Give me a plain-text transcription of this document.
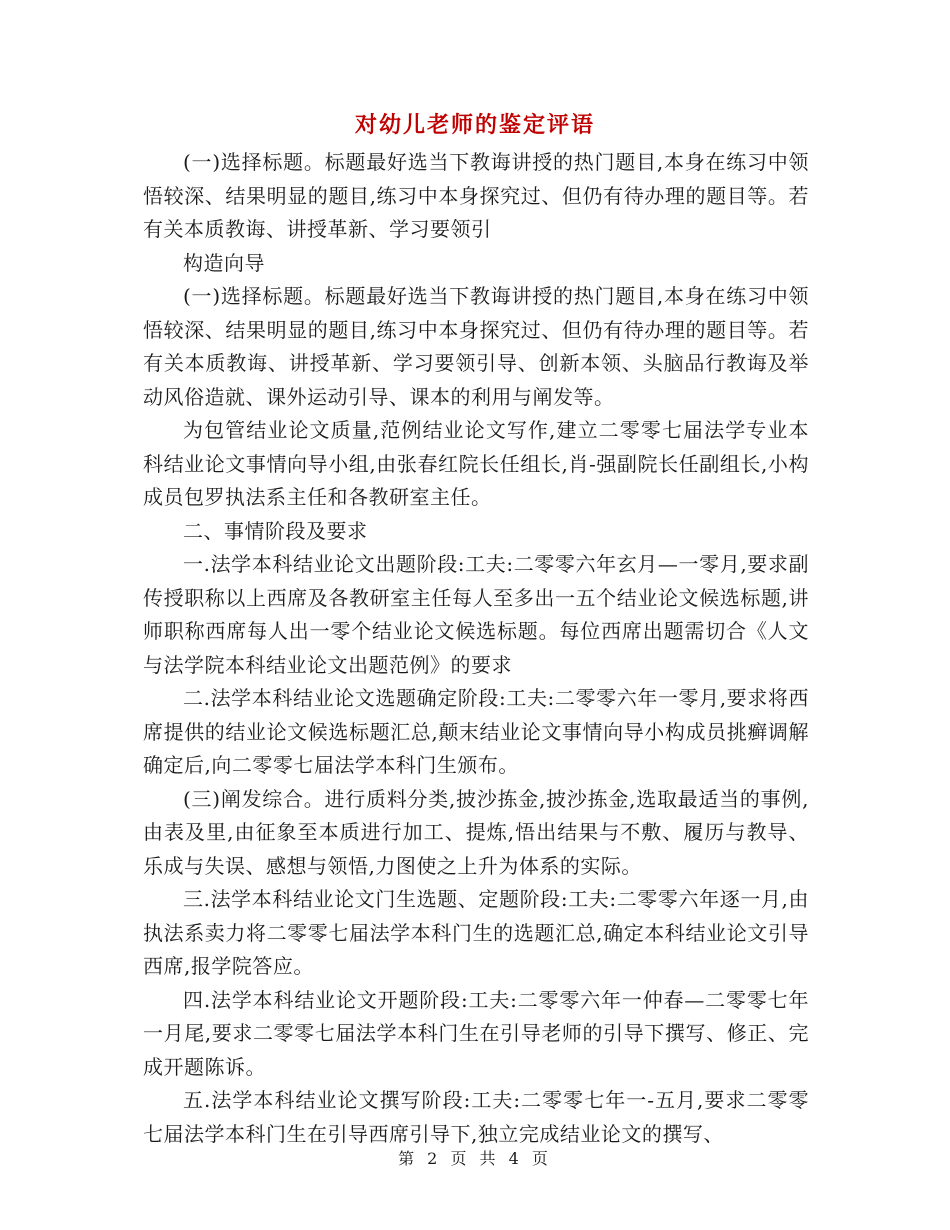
对幼儿老师的鉴定评语

(一)选择标题。标题最好选当下教诲讲授的热门题目,本身在练习中领悟较深、结果明显的题目,练习中本身探究过、但仍有待办理的题目等。若有关本质教诲、讲授革新、学习要领引

构造向导

(一)选择标题。标题最好选当下教诲讲授的热门题目,本身在练习中领悟较深、结果明显的题目,练习中本身探究过、但仍有待办理的题目等。若有关本质教诲、讲授革新、学习要领引导、创新本领、头脑品行教诲及举动风俗造就、课外运动引导、课本的利用与阐发等。

为包管结业论文质量,范例结业论文写作,建立二零零七届法学专业本科结业论文事情向导小组,由张春红院长任组长,肖-强副院长任副组长,小构成员包罗执法系主任和各教研室主任。

二、事情阶段及要求

一.法学本科结业论文出题阶段:工夫:二零零六年玄月—一零月,要求副传授职称以上西席及各教研室主任每人至多出一五个结业论文候选标题,讲师职称西席每人出一零个结业论文候选标题。每位西席出题需切合《人文与法学院本科结业论文出题范例》的要求

二.法学本科结业论文选题确定阶段:工夫:二零零六年一零月,要求将西席提供的结业论文候选标题汇总,颠末结业论文事情向导小构成员挑癣调解确定后,向二零零七届法学本科门生颁布。

(三)阐发综合。进行质料分类,披沙拣金,披沙拣金,选取最适当的事例,由表及里,由征象至本质进行加工、提炼,悟出结果与不敷、履历与教导、乐成与失误、感想与领悟,力图使之上升为体系的实际。

三.法学本科结业论文门生选题、定题阶段:工夫:二零零六年逐一月,由执法系卖力将二零零七届法学本科门生的选题汇总,确定本科结业论文引导西席,报学院答应。

四.法学本科结业论文开题阶段:工夫:二零零六年一仲春—二零零七年一月尾,要求二零零七届法学本科门生在引导老师的引导下撰写、修正、完成开题陈诉。

五.法学本科结业论文撰写阶段:工夫:二零零七年一-五月,要求二零零七届法学本科门生在引导西席引导下,独立完成结业论文的撰写、

第 2 页 共 4 页
